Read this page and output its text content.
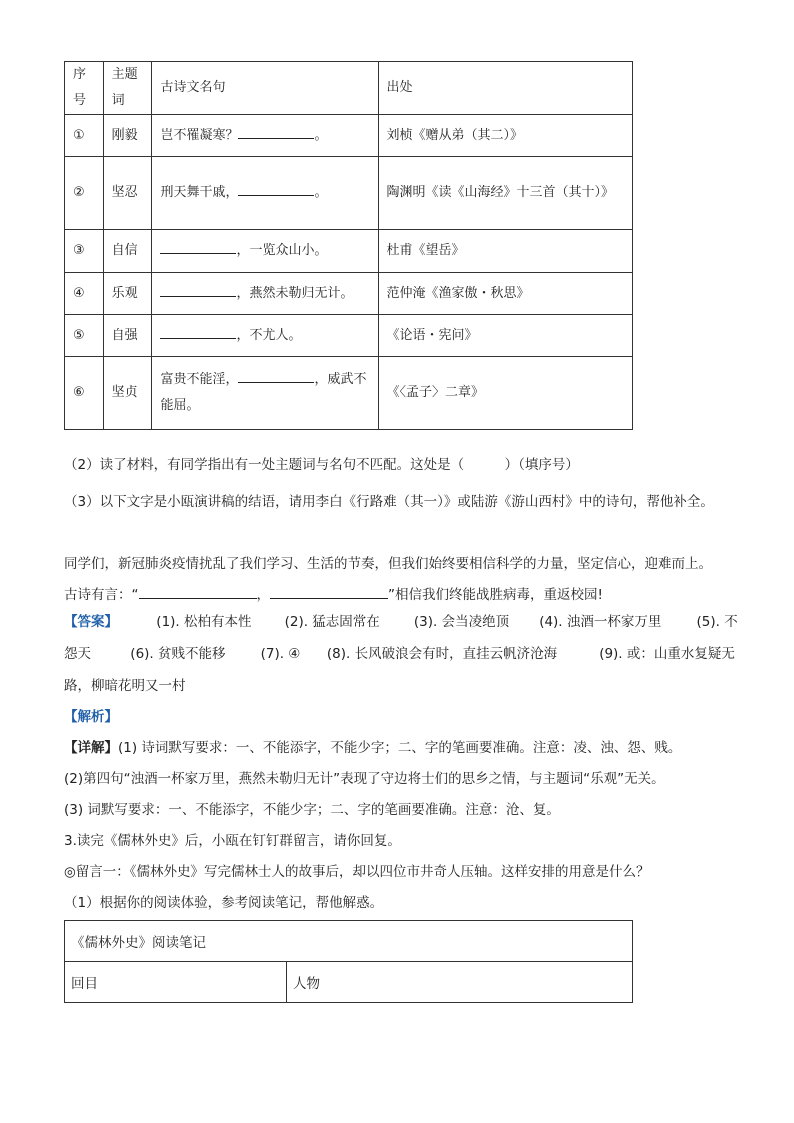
序号	主题词	古诗文名句	出处
①	刚毅	岂不罹凝寒？ 。	刘桢《赠从弟（其二）》
②	坚忍	刑天舞干戚， 。	陶渊明《读《山海经》十三首（其十）》
③	自信	，一览众山小。	杜甫《望岳》
④	乐观	，燕然未勒归无计。	范仲淹《渔家傲・秋思》
⑤	自强	，不尤人。	《论语・宪问》
⑥	坚贞	富贵不能淫， ，威武不能屈。	《〈孟子〉二章》
（2）读了材料，有同学指出有一处主题词与名句不匹配。这处是（　　　）（填序号）
（3）以下文字是小瓯演讲稿的结语，请用李白《行路难（其一）》或陆游《游山西村》中的诗句，帮他补全。
同学们，新冠肺炎疫情扰乱了我们学习、生活的节奏，但我们始终要相信科学的力量，坚定信心，迎难而上。古诗有言：“	，	”相信我们终能战胜病毒，重返校园!
【答案】	(1). 松柏有本性 (2). 猛志固常在	(3). 会当凌绝顶 (4). 浊酒一杯家万里	(5). 不
怨天	(6). 贫贱不能移	(7). ④ (8). 长风破浪会有时，直挂云帆济沧海	(9). 或：山重水复疑无
路，柳暗花明又一村
【解析】
【详解】(1) 诗词默写要求：一、不能添字，不能少字；二、字的笔画要准确。注意：凌、浊、怨、贱。
(2)第四句“浊酒一杯家万里，燕然未勒归无计”表现了守边将士们的思乡之情，与主题词“乐观”无关。
(3) 词默写要求：一、不能添字，不能少字；二、字的笔画要准确。注意：沧、复。
3.读完《儒林外史》后，小瓯在钉钉群留言，请你回复。
◎留言一：《儒林外史》写完儒林士人的故事后，却以四位市井奇人压轴。这样安排的用意是什么？
（1）根据你的阅读体验，参考阅读笔记，帮他解惑。
《儒林外史》阅读笔记
回目	人物
